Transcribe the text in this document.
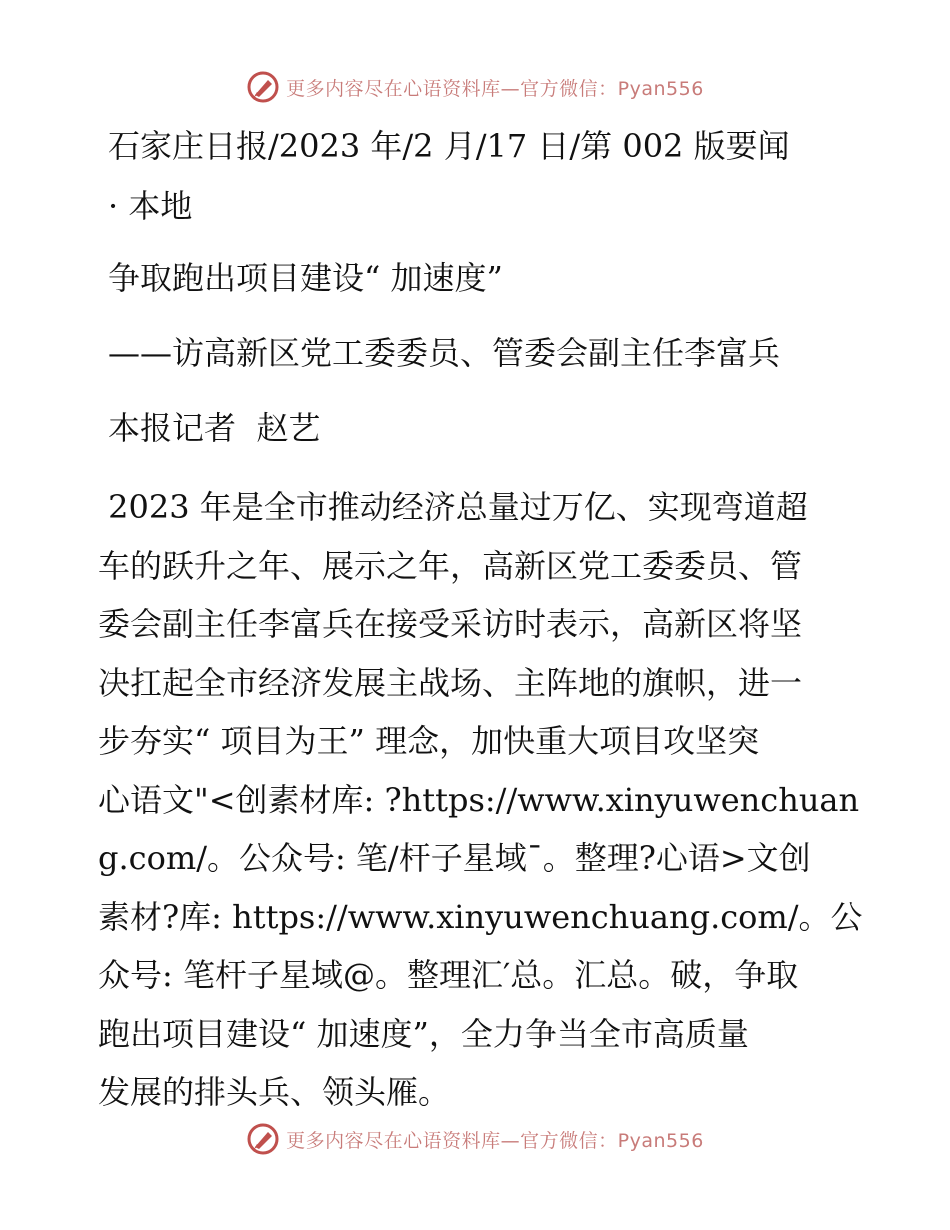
更多内容尽在心语资料库—官方微信：Pyan556
石家庄日报/2023 年/2 月/17 日/第 002 版要闻
· 本地
争取跑出项目建设“ 加速度”
——访高新区党工委委员、管委会副主任李富兵
本报记者  赵艺
2023 年是全市推动经济总量过万亿、实现弯道超
车的跃升之年、展示之年，高新区党工委委员、管
委会副主任李富兵在接受采访时表示，高新区将坚
决扛起全市经济发展主战场、主阵地的旗帜，进一
步夯实“ 项目为王” 理念，加快重大项目攻坚突
心语文"<创素材库: ?https://www.xinyuwenchuan
g.com/。公众号: 笔/杆子星域¯。整理?心语>文创
素材?库: https://www.xinyuwenchuang.com/。公
众号: 笔杆子星域@。整理汇′总。汇总。破，争取
跑出项目建设“ 加速度”，全力争当全市高质量
发展的排头兵、领头雁。
更多内容尽在心语资料库—官方微信：Pyan556
